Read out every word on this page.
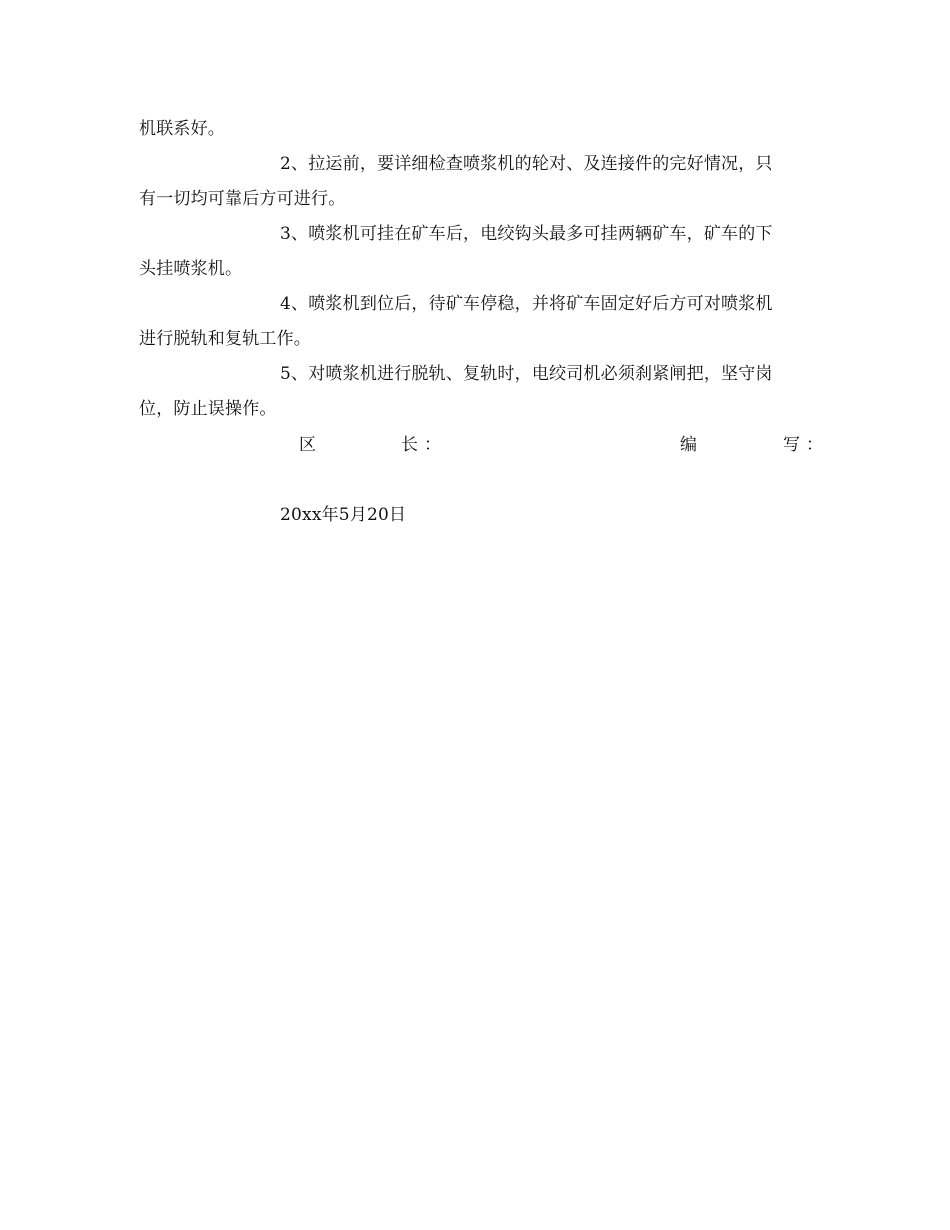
机联系好。
2、拉运前，要详细检查喷浆机的轮对、及连接件的完好情况，只
有一切均可靠后方可进行。
3、喷浆机可挂在矿车后，电绞钩头最多可挂两辆矿车，矿车的下
头挂喷浆机。
4、喷浆机到位后，待矿车停稳，并将矿车固定好后方可对喷浆机
进行脱轨和复轨工作。
5、对喷浆机进行脱轨、复轨时，电绞司机必须刹紧闸把，坚守岗
位，防止误操作。
区	长 ：	编	写 ：
20xx年5月20日
